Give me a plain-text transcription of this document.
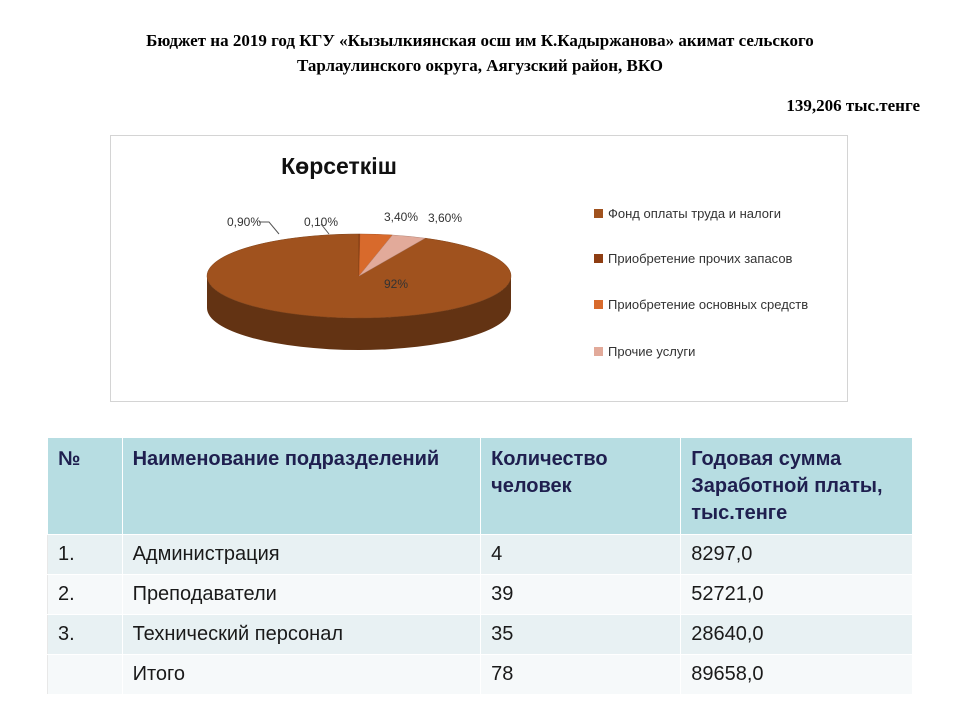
Бюджет на 2019 год КГУ «Кызылкиянская осш им К.Кадыржанова» акимат сельского
Тарлаулинского округа, Аягузский район, ВКО
139,206 тыс.тенге
Көрсеткіш
92%
0,10%	3,40% 3,60%
0,90%
Фонд оплаты труда и налоги
Приобретение прочих запасов
Приобретение основных средств
Прочие услуги
№	Наименование подразделений	Количество человек	Годовая сумма Заработной платы, тыс.тенге
1.	Администрация	4	8297,0
2.	Преподаватели	39	52721,0
3.	Технический персонал	35	28640,0
	Итого	78	89658,0
